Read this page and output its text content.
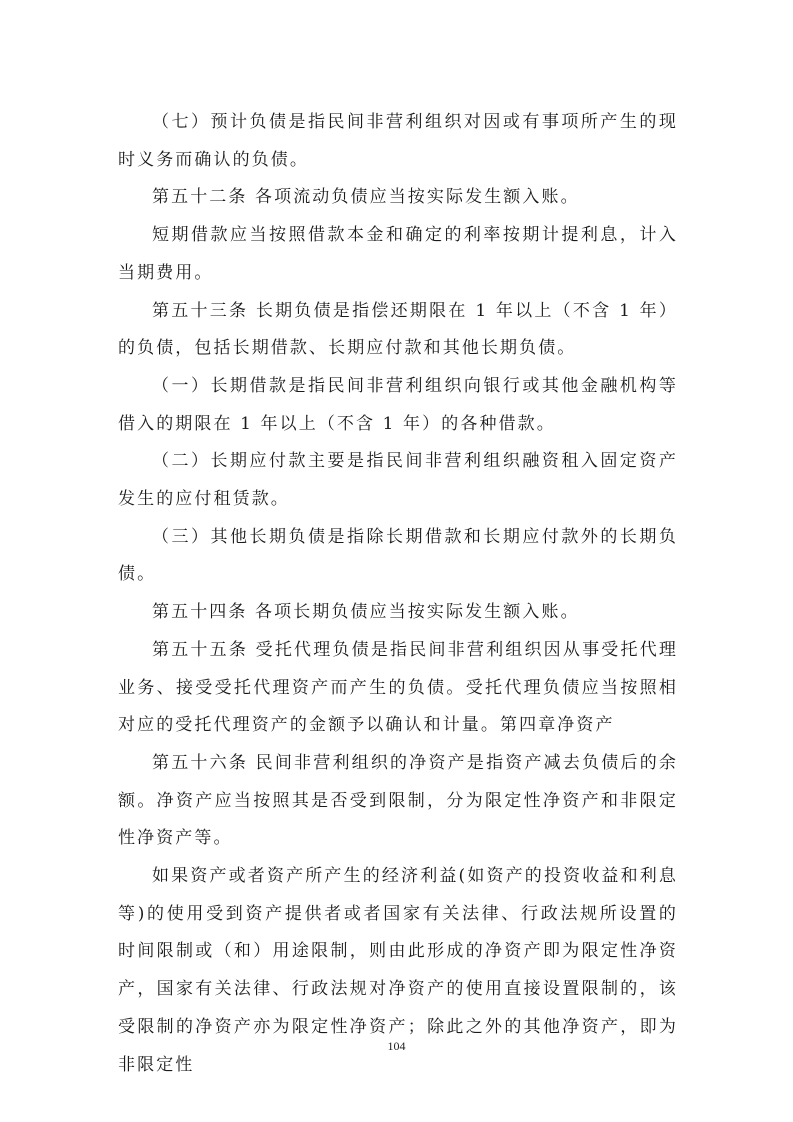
（七）预计负债是指民间非营利组织对因或有事项所产生的现时义务而确认的负债。

第五十二条 各项流动负债应当按实际发生额入账。

短期借款应当按照借款本金和确定的利率按期计提利息，计入当期费用。

第五十三条 长期负债是指偿还期限在 1 年以上（不含 1 年）的负债，包括长期借款、长期应付款和其他长期负债。

（一）长期借款是指民间非营利组织向银行或其他金融机构等借入的期限在 1 年以上（不含 1 年）的各种借款。

（二）长期应付款主要是指民间非营利组织融资租入固定资产发生的应付租赁款。

（三）其他长期负债是指除长期借款和长期应付款外的长期负债。

第五十四条 各项长期负债应当按实际发生额入账。

第五十五条 受托代理负债是指民间非营利组织因从事受托代理业务、接受受托代理资产而产生的负债。受托代理负债应当按照相对应的受托代理资产的金额予以确认和计量。第四章净资产

第五十六条 民间非营利组织的净资产是指资产减去负债后的余额。净资产应当按照其是否受到限制，分为限定性净资产和非限定性净资产等。

如果资产或者资产所产生的经济利益(如资产的投资收益和利息等)的使用受到资产提供者或者国家有关法律、行政法规所设置的时间限制或（和）用途限制，则由此形成的净资产即为限定性净资产，国家有关法律、行政法规对净资产的使用直接设置限制的，该受限制的净资产亦为限定性净资产；除此之外的其他净资产，即为非限定性

104
